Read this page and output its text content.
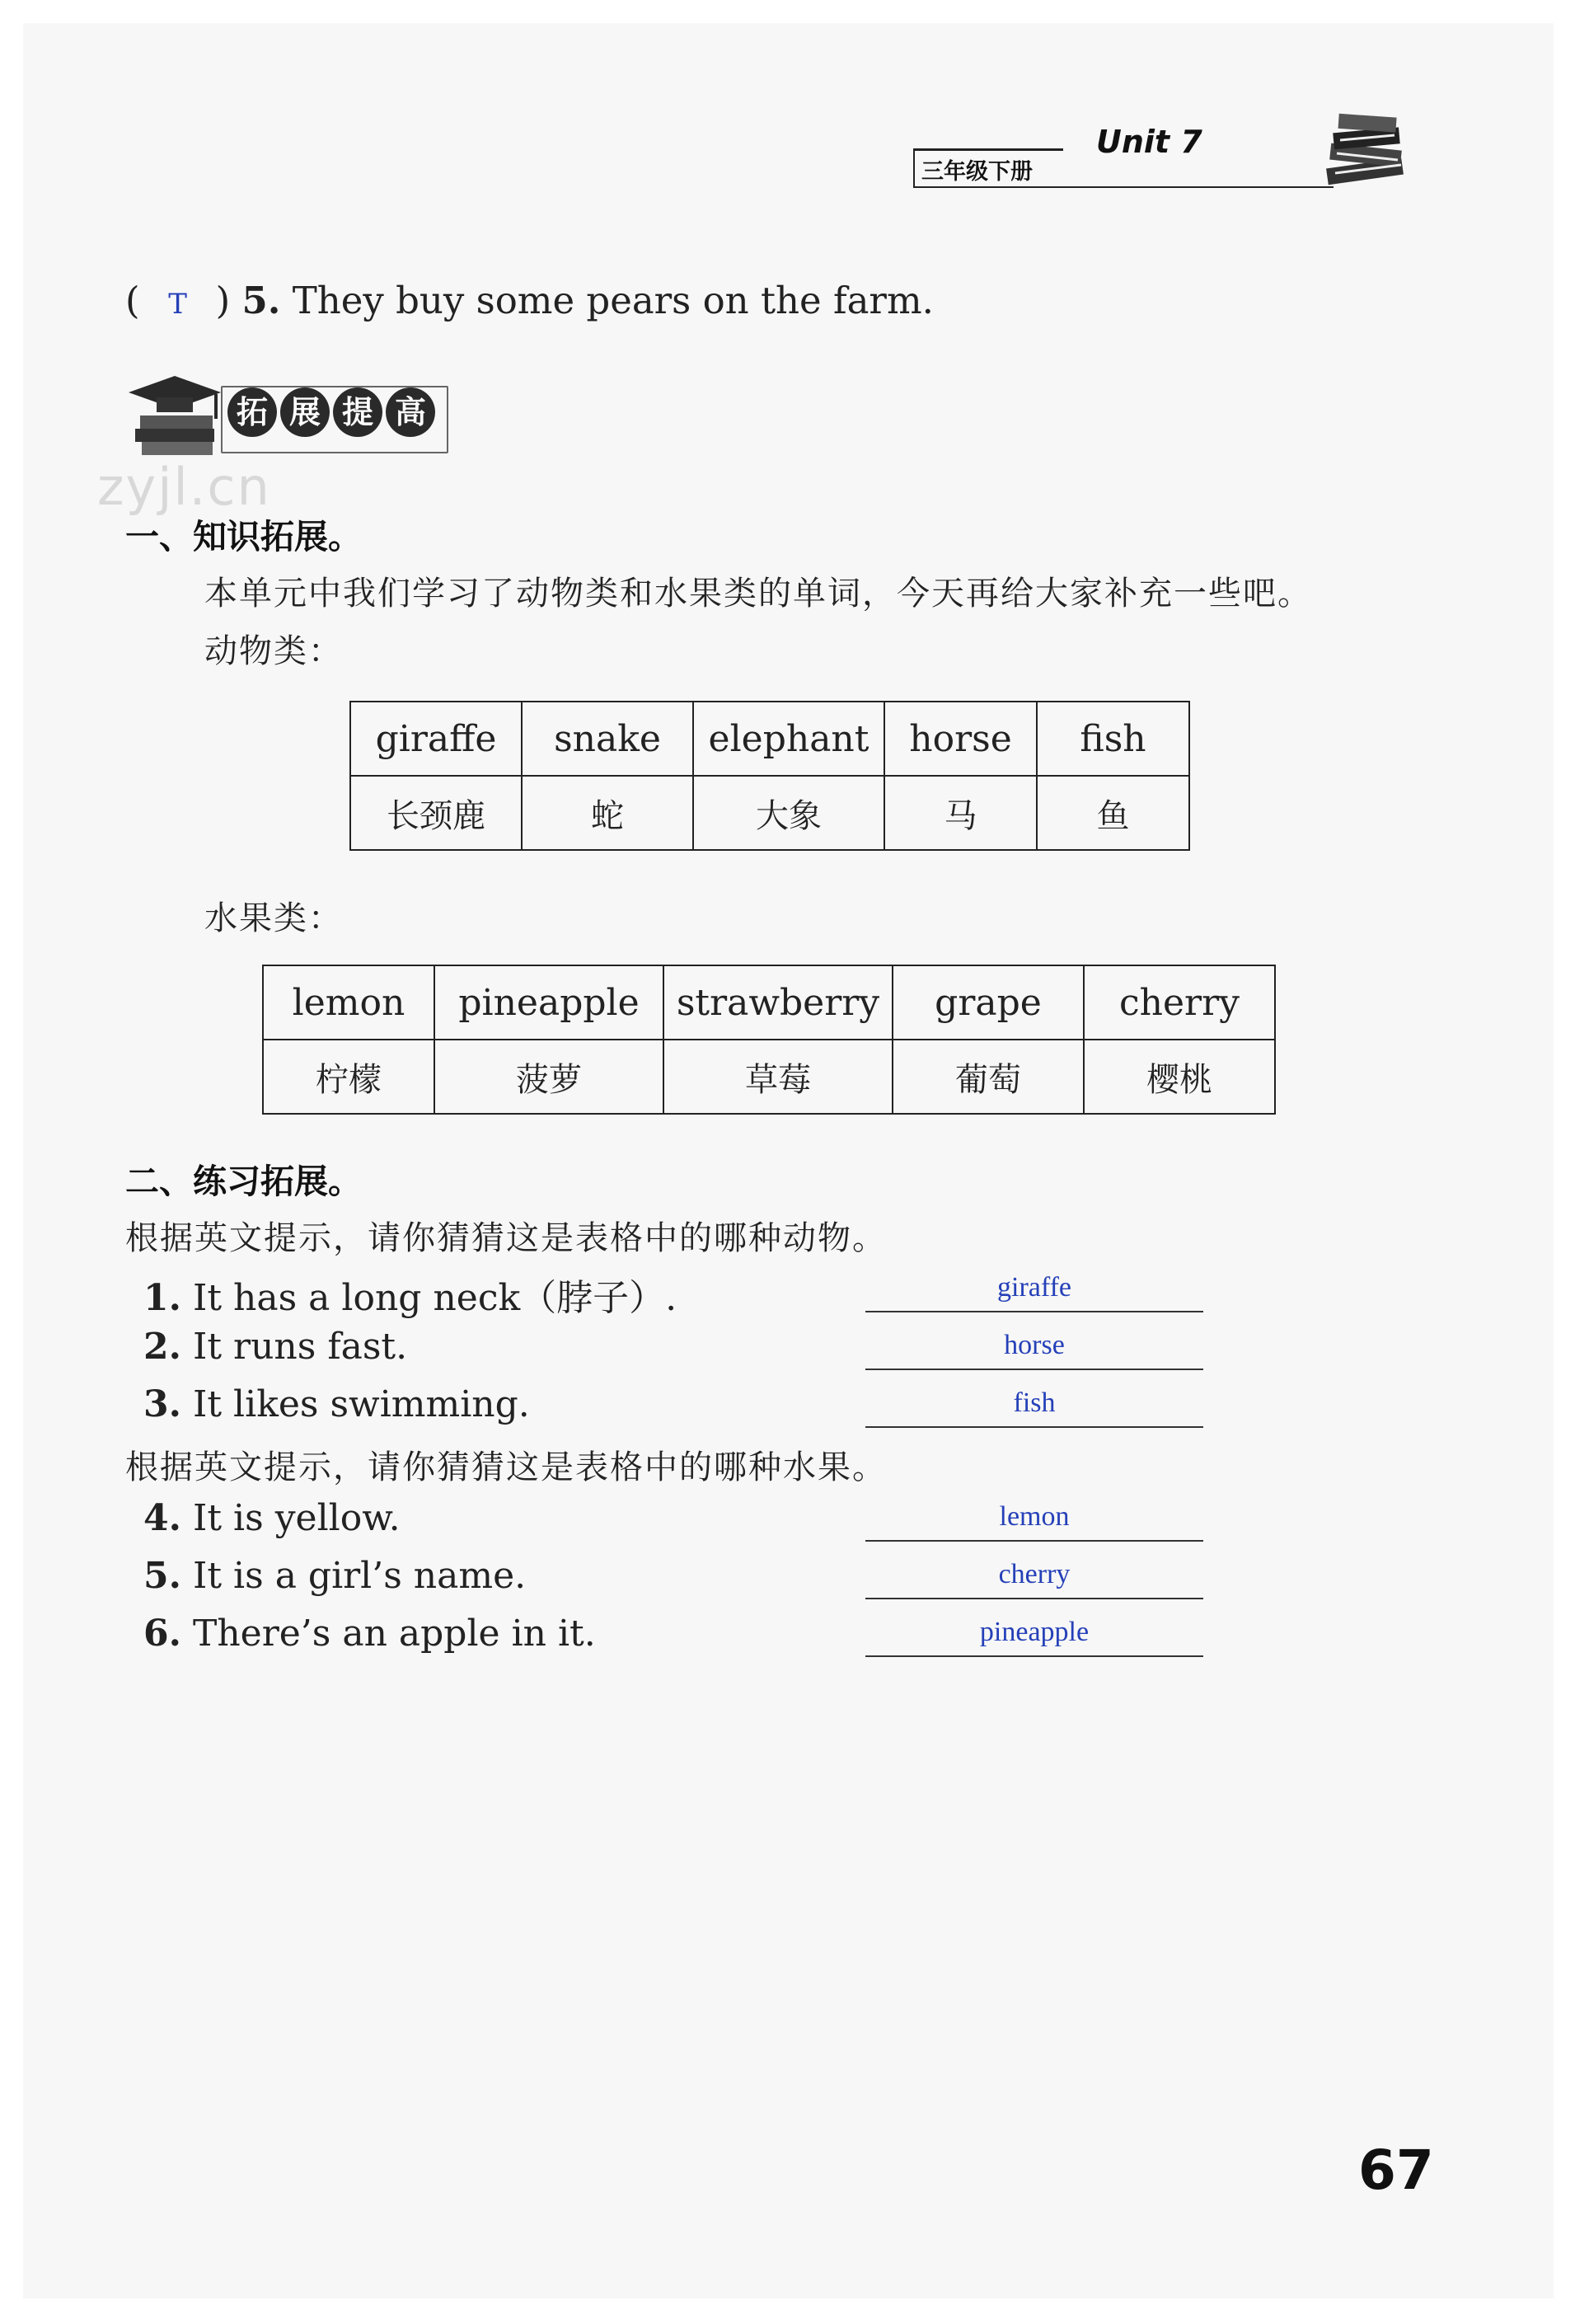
三年级下册
Unit 7
( T ) 5. They buy some pears on the farm.
拓 展 提 高
zyjl.cn
一、知识拓展。
本单元中我们学习了动物类和水果类的单词，今天再给大家补充一些吧。
动物类：
giraffe	snake	elephant	horse	fish
长颈鹿	蛇	大象	马	鱼
水果类：
lemon	pineapple	strawberry	grape	cherry
柠檬	菠萝	草莓	葡萄	樱桃
二、练习拓展。
根据英文提示，请你猜猜这是表格中的哪种动物。
1. It has a long neck（脖子）.	giraffe
2. It runs fast.	horse
3. It likes swimming.	fish
根据英文提示，请你猜猜这是表格中的哪种水果。
4. It is yellow.	lemon
5. It is a girl’s name.	cherry
6. There’s an apple in it.	pineapple
67
